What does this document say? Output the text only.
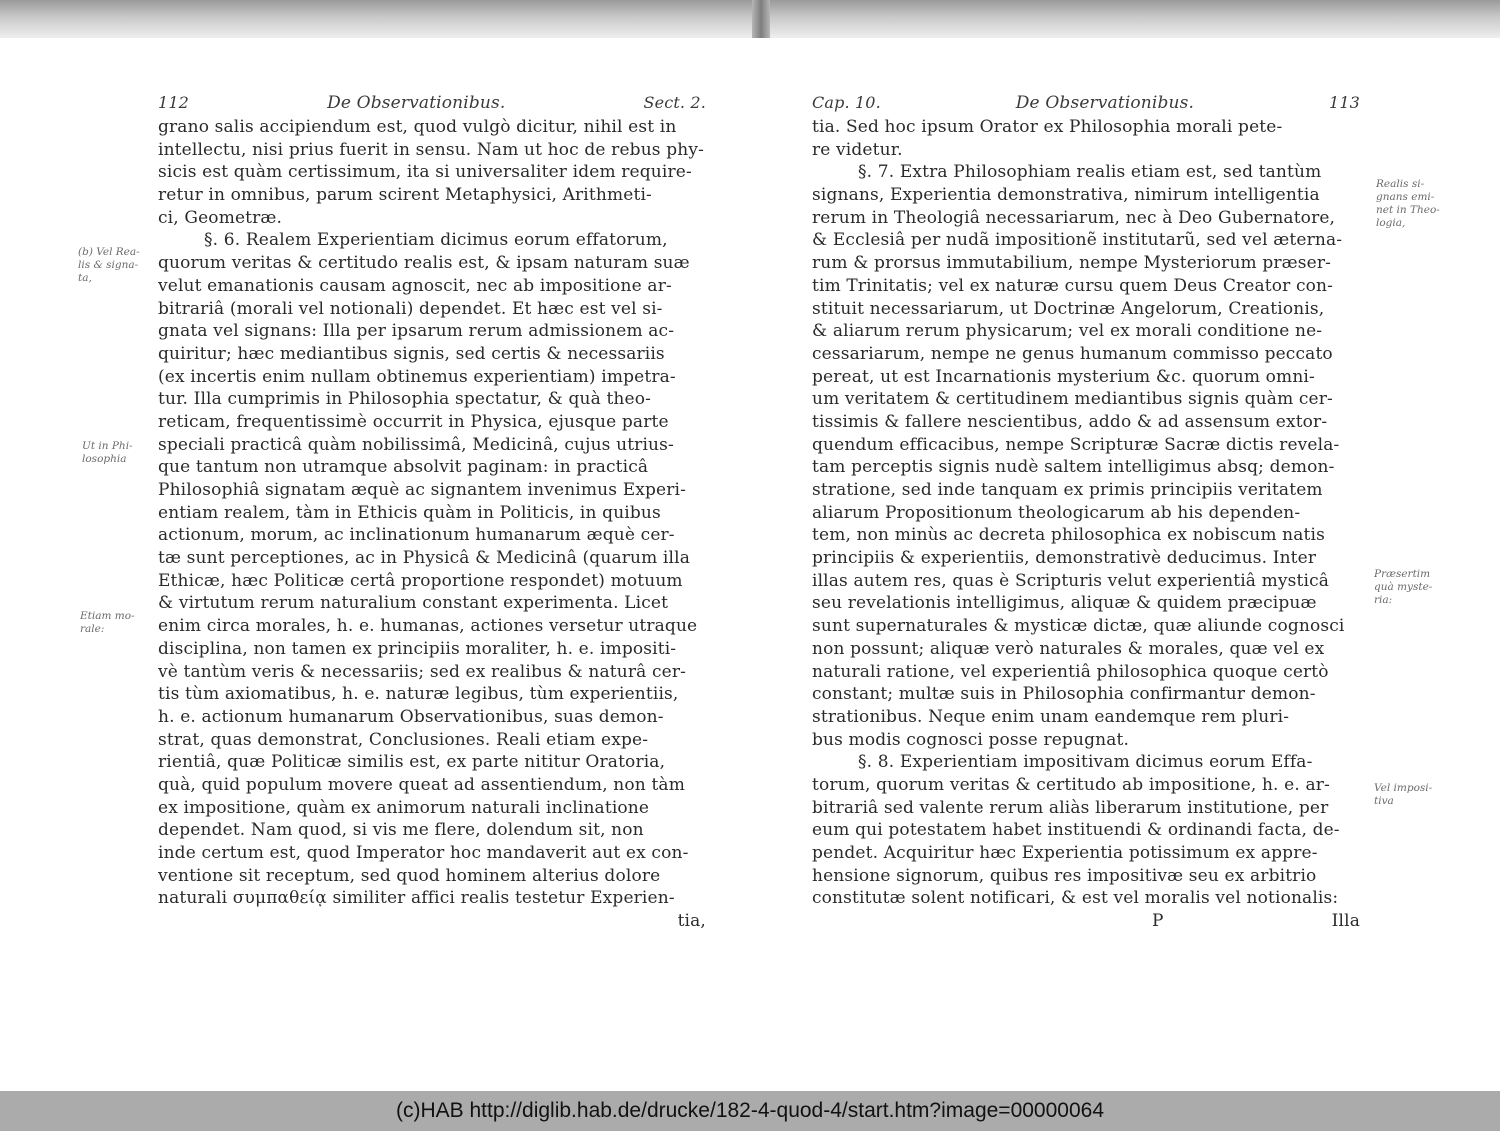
112	De Observationibus.	Sect. 2.
grano salis accipiendum est, quod vulgò dicitur, nihil est in
intellectu, nisi prius fuerit in sensu. Nam ut hoc de rebus phy-
sicis est quàm certissimum, ita si universaliter idem require-
retur in omnibus, parum scirent Metaphysici, Arithmeti-
ci, Geometræ.
§. 6. Realem Experientiam dicimus eorum effatorum,
quorum veritas & certitudo realis est, & ipsam naturam suæ
velut emanationis causam agnoscit, nec ab impositione ar-
bitrariâ (morali vel notionali) dependet. Et hæc est vel si-
gnata vel signans: Illa per ipsarum rerum admissionem ac-
quiritur; hæc mediantibus signis, sed certis & necessariis
(ex incertis enim nullam obtinemus experientiam) impetra-
tur. Illa cumprimis in Philosophia spectatur, & quà theo-
reticam, frequentissimè occurrit in Physica, ejusque parte
speciali practicâ quàm nobilissimâ, Medicinâ, cujus utrius-
que tantum non utramque absolvit paginam: in practicâ
Philosophiâ signatam æquè ac signantem invenimus Experi-
entiam realem, tàm in Ethicis quàm in Politicis, in quibus
actionum, morum, ac inclinationum humanarum æquè cer-
tæ sunt perceptiones, ac in Physicâ & Medicinâ (quarum illa
Ethicæ, hæc Politicæ certâ proportione respondet) motuum
& virtutum rerum naturalium constant experimenta. Licet
enim circa morales, h. e. humanas, actiones versetur utraque
disciplina, non tamen ex principiis moraliter, h. e. impositi-
vè tantùm veris & necessariis; sed ex realibus & naturâ cer-
tis tùm axiomatibus, h. e. naturæ legibus, tùm experientiis,
h. e. actionum humanarum Observationibus, suas demon-
strat, quas demonstrat, Conclusiones. Reali etiam expe-
rientiâ, quæ Politicæ similis est, ex parte nititur Oratoria,
quà, quid populum movere queat ad assentiendum, non tàm
ex impositione, quàm ex animorum naturali inclinatione
dependet. Nam quod, si vis me flere, dolendum sit, non
inde certum est, quod Imperator hoc mandaverit aut ex con-
ventione sit receptum, sed quod hominem alterius dolore
naturali συμπαθείᾳ similiter affici realis testetur Experien-
tia,
(b) Vel Rea-
lis & signa-
ta,
Ut in Phi-
losophia
Etiam mo-
rale:
Cap. 10.	De Observationibus.	113
tia. Sed hoc ipsum Orator ex Philosophia morali pete-
re videtur.
§. 7. Extra Philosophiam realis etiam est, sed tantùm
signans, Experientia demonstrativa, nimirum intelligentia
rerum in Theologiâ necessariarum, nec à Deo Gubernatore,
& Ecclesiâ per nudã impositionẽ institutarũ, sed vel æterna-
rum & prorsus immutabilium, nempe Mysteriorum præser-
tim Trinitatis; vel ex naturæ cursu quem Deus Creator con-
stituit necessariarum, ut Doctrinæ Angelorum, Creationis,
& aliarum rerum physicarum; vel ex morali conditione ne-
cessariarum, nempe ne genus humanum commisso peccato
pereat, ut est Incarnationis mysterium &c. quorum omni-
um veritatem & certitudinem mediantibus signis quàm cer-
tissimis & fallere nescientibus, addo & ad assensum extor-
quendum efficacibus, nempe Scripturæ Sacræ dictis revela-
tam perceptis signis nudè saltem intelligimus absq; demon-
stratione, sed inde tanquam ex primis principiis veritatem
aliarum Propositionum theologicarum ab his dependen-
tem, non minùs ac decreta philosophica ex nobiscum natis
principiis & experientiis, demonstrativè deducimus. Inter
illas autem res, quas è Scripturis velut experientiâ mysticâ
seu revelationis intelligimus, aliquæ & quidem præcipuæ
sunt supernaturales & mysticæ dictæ, quæ aliunde cognosci
non possunt; aliquæ verò naturales & morales, quæ vel ex
naturali ratione, vel experientiâ philosophica quoque certò
constant; multæ suis in Philosophia confirmantur demon-
strationibus. Neque enim unam eandemque rem pluri-
bus modis cognosci posse repugnat.
§. 8. Experientiam impositivam dicimus eorum Effa-
torum, quorum veritas & certitudo ab impositione, h. e. ar-
bitrariâ sed valente rerum aliàs liberarum institutione, per
eum qui potestatem habet instituendi & ordinandi facta, de-
pendet. Acquiritur hæc Experientia potissimum ex appre-
hensione signorum, quibus res impositivæ seu ex arbitrio
constitutæ solent notificari, & est vel moralis vel notionalis:
P	Illa
Realis si-
gnans emi-
net in Theo-
logia,
Præsertim
quà myste-
ria:
Vel imposi-
tiva
(c)HAB http://diglib.hab.de/drucke/182-4-quod-4/start.htm?image=00000064
